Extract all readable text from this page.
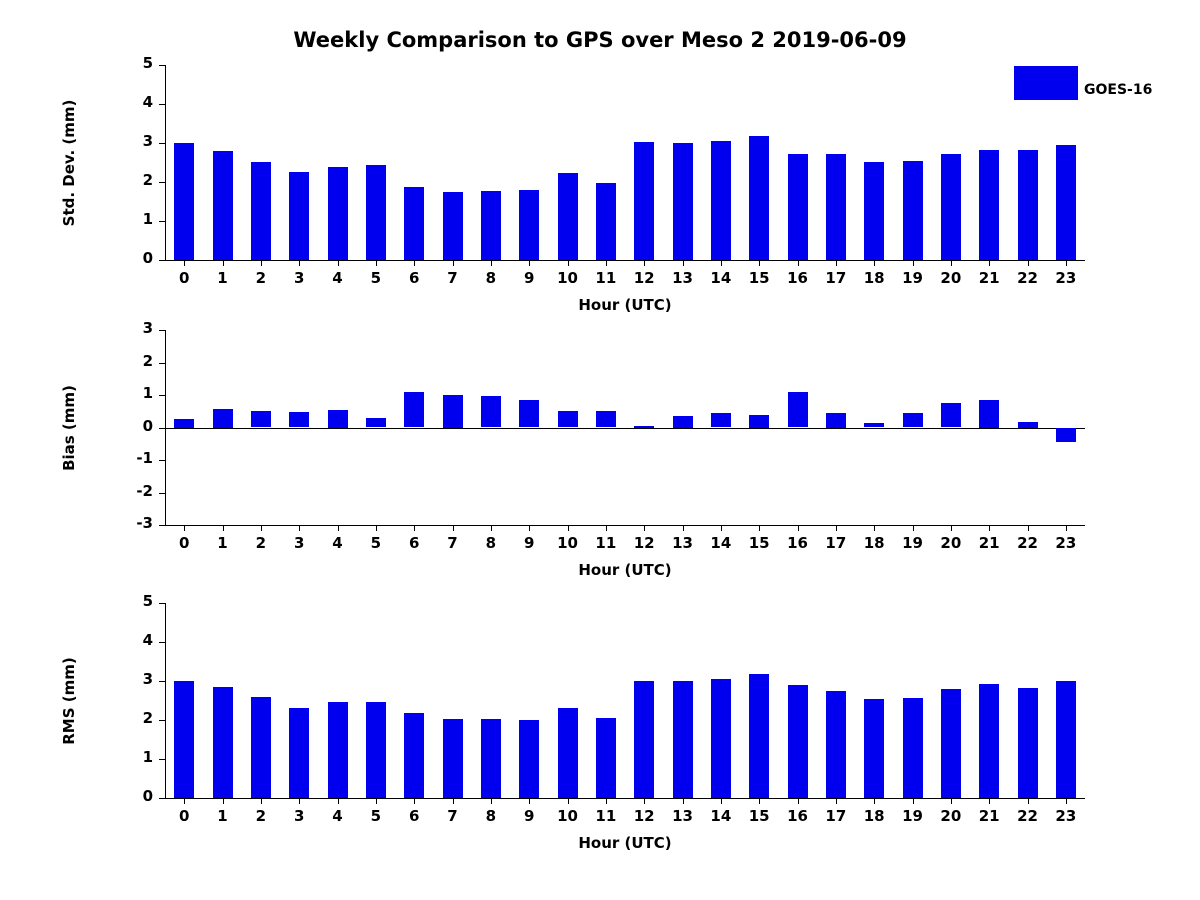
Weekly Comparison to GPS over Meso 2 2019-06-09
0
1
2
3
4
5
0	1	2	3	4	5	6	7	8	9	10	11	12	13	14	15	16	17	18	19	20	21	22	23
Hour (UTC)
Std. Dev. (mm)
GOES-16
-3
-2
-1
0
1
2
3
0	1	2	3	4	5	6	7	8	9	10	11	12	13	14	15	16	17	18	19	20	21	22	23
Hour (UTC)
Bias (mm)
0
1
2
3
4
5
0	1	2	3	4	5	6	7	8	9	10	11	12	13	14	15	16	17	18	19	20	21	22	23
Hour (UTC)
RMS (mm)
